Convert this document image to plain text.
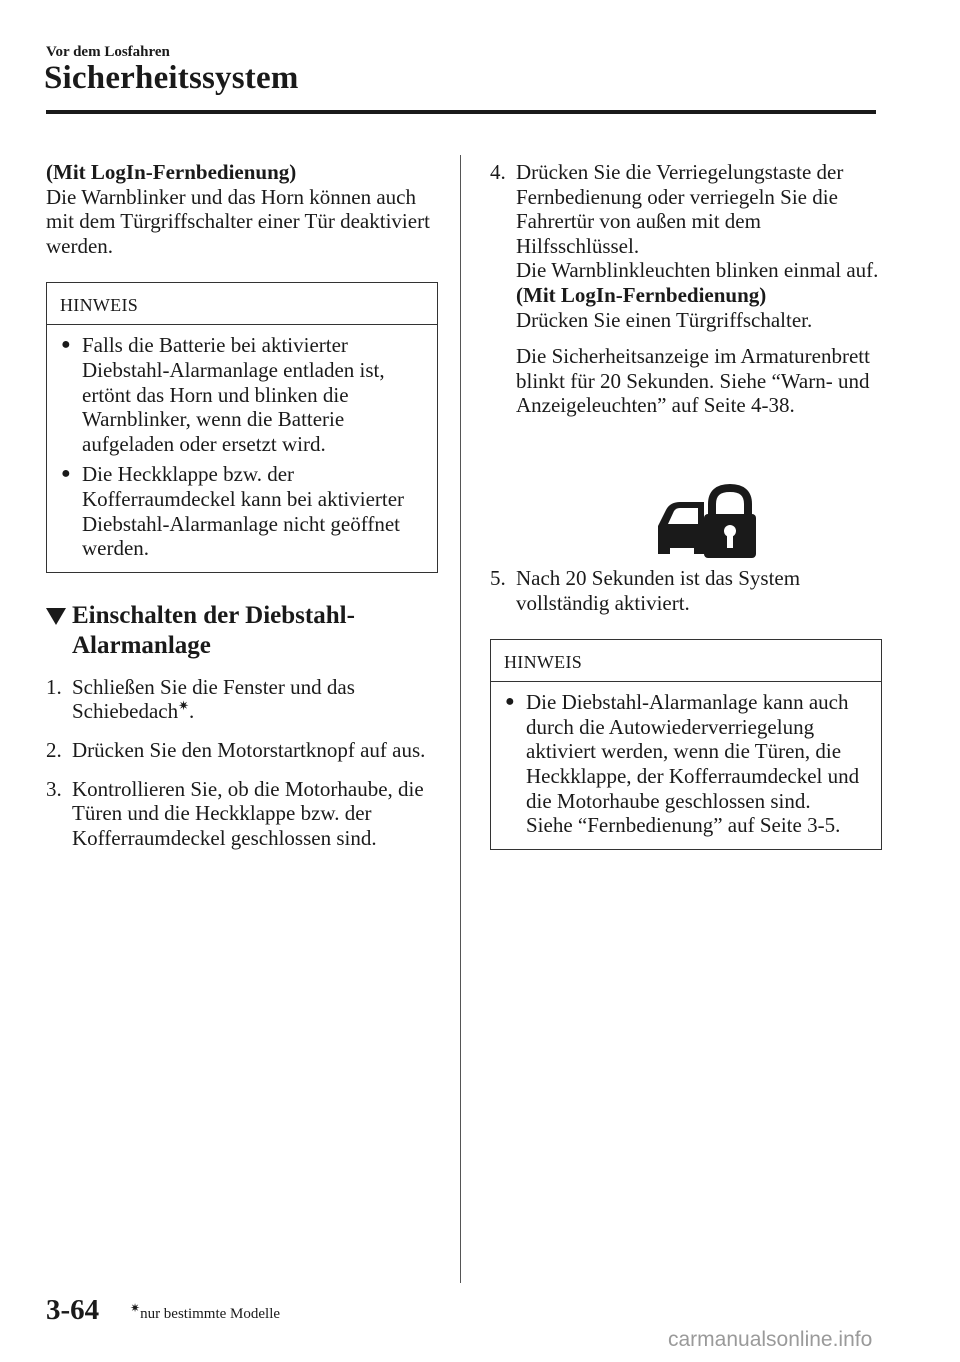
Vor dem Losfahren
Sicherheitssystem

(Mit LogIn-Fernbedienung)

Die Warnblinker und das Horn können auch mit dem Türgriffschalter einer Tür deaktiviert werden.

HINWEIS
● Falls die Batterie bei aktivierter Diebstahl-Alarmanlage entladen ist, ertönt das Horn und blinken die Warnblinker, wenn die Batterie aufgeladen oder ersetzt wird.
● Die Heckklappe bzw. der Kofferraumdeckel kann bei aktivierter Diebstahl-Alarmanlage nicht geöffnet werden.
Einschalten der Diebstahl-Alarmanlage
1. Schließen Sie die Fenster und das Schiebedach✷.
2. Drücken Sie den Motorstartknopf auf aus.
3. Kontrollieren Sie, ob die Motorhaube, die Türen und die Heckklappe bzw. der Kofferraumdeckel geschlossen sind.
4. Drücken Sie die Verriegelungstaste der Fernbedienung oder verriegeln Sie die Fahrertür von außen mit dem Hilfsschlüssel.

Die Warnblinkleuchten blinken einmal auf.

(Mit LogIn-Fernbedienung)

Drücken Sie einen Türgriffschalter.

Die Sicherheitsanzeige im Armaturenbrett blinkt für 20 Sekunden. Siehe “Warn- und Anzeigeleuchten” auf Seite 4-38.

5. Nach 20 Sekunden ist das System vollständig aktiviert.
HINWEIS
● Die Diebstahl-Alarmanlage kann auch durch die Autowiederverriegelung aktiviert werden, wenn die Türen, die Heckklappe, der Kofferraumdeckel und die Motorhaube geschlossen sind.
Siehe “Fernbedienung” auf Seite 3-5.
3-64	✷nur bestimmte Modelle
carmanualsonline.info
